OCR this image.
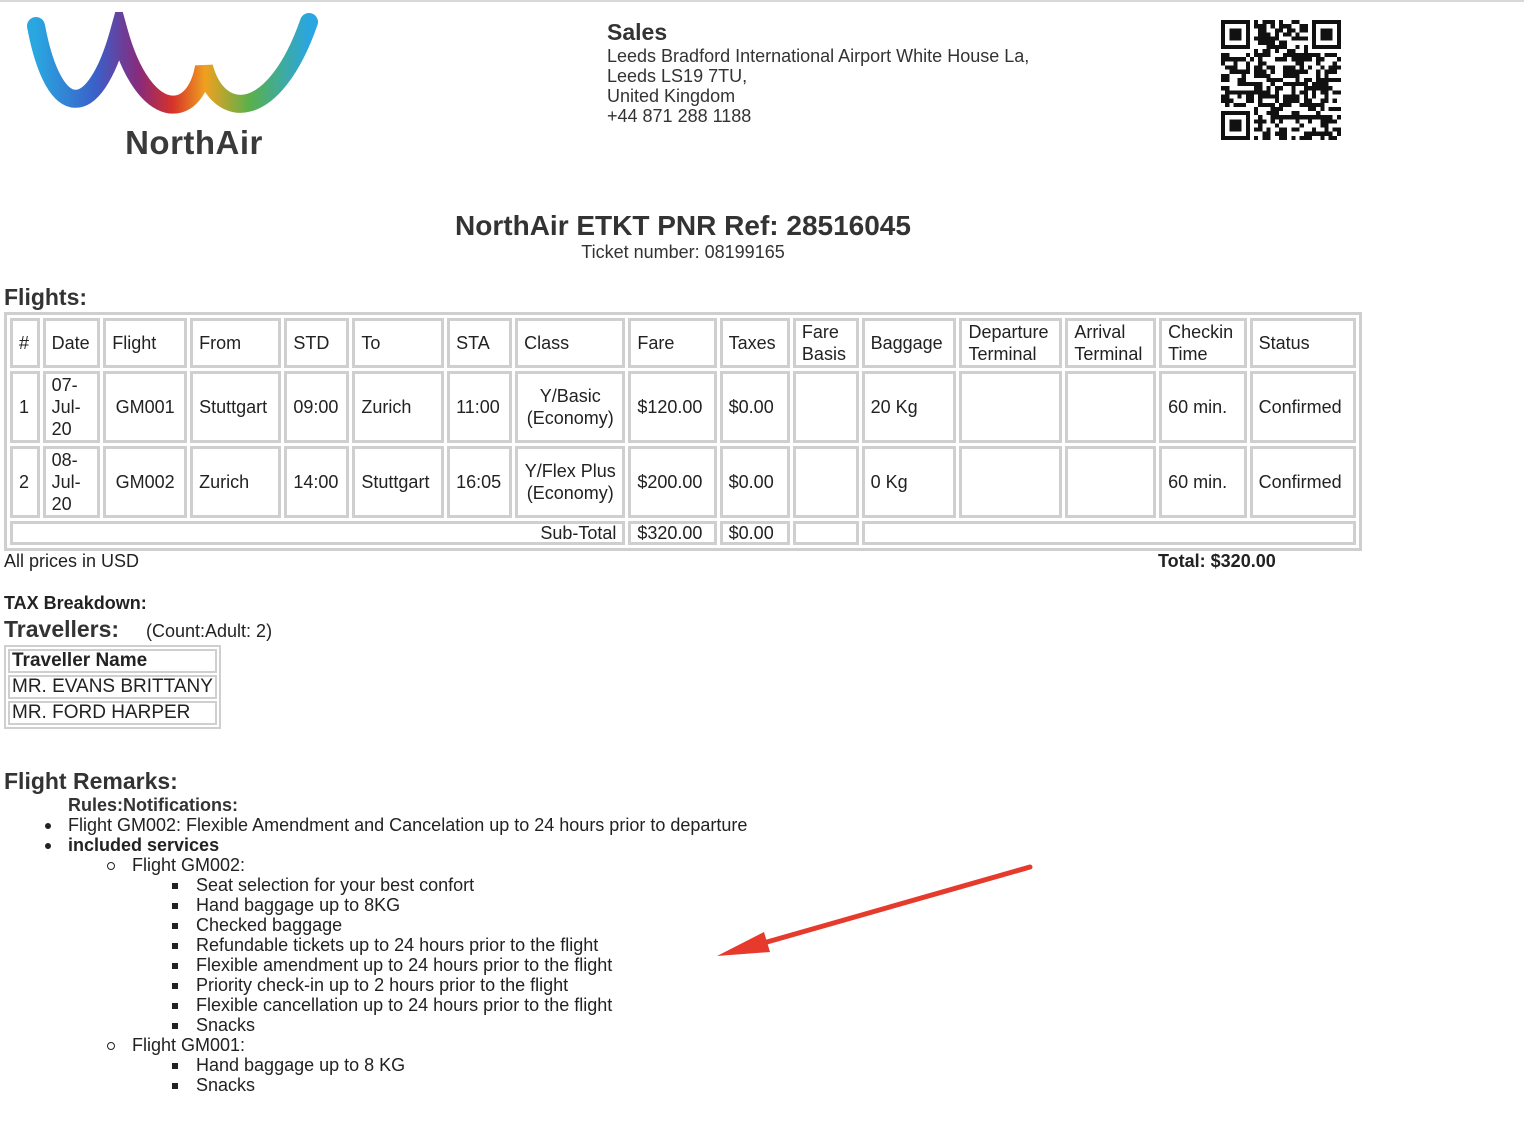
NorthAir
Sales
Leeds Bradford International Airport White House La,
Leeds LS19 7TU,
United Kingdom
+44 871 288 1188
NorthAir ETKT PNR Ref: 28516045
Ticket number: 08199165
Flights:
#	Date	Flight	From	STD	To	STA	Class	Fare	Taxes	Fare Basis	Baggage	Departure Terminal	Arrival Terminal	Checkin Time	Status
1	07-Jul-20	GM001	Stuttgart	09:00	Zurich	11:00	Y/Basic (Economy)	$120.00	$0.00		20 Kg			60 min.	Confirmed
2	08-Jul-20	GM002	Zurich	14:00	Stuttgart	16:05	Y/Flex Plus (Economy)	$200.00	$0.00		0 Kg			60 min.	Confirmed
Sub-Total								$320.00	$0.00						
All prices in USD	Total: $320.00
TAX Breakdown:
Travellers: (Count:Adult: 2)
Traveller Name
MR. EVANS BRITTANY
MR. FORD HARPER
Flight Remarks:
Rules:Notifications:
Flight GM002: Flexible Amendment and Cancelation up to 24 hours prior to departure
included services
Flight GM002:
Seat selection for your best confort
Hand baggage up to 8KG
Checked baggage
Refundable tickets up to 24 hours prior to the flight
Flexible amendment up to 24 hours prior to the flight
Priority check-in up to 2 hours prior to the flight
Flexible cancellation up to 24 hours prior to the flight
Snacks
Flight GM001:
Hand baggage up to 8 KG
Snacks
